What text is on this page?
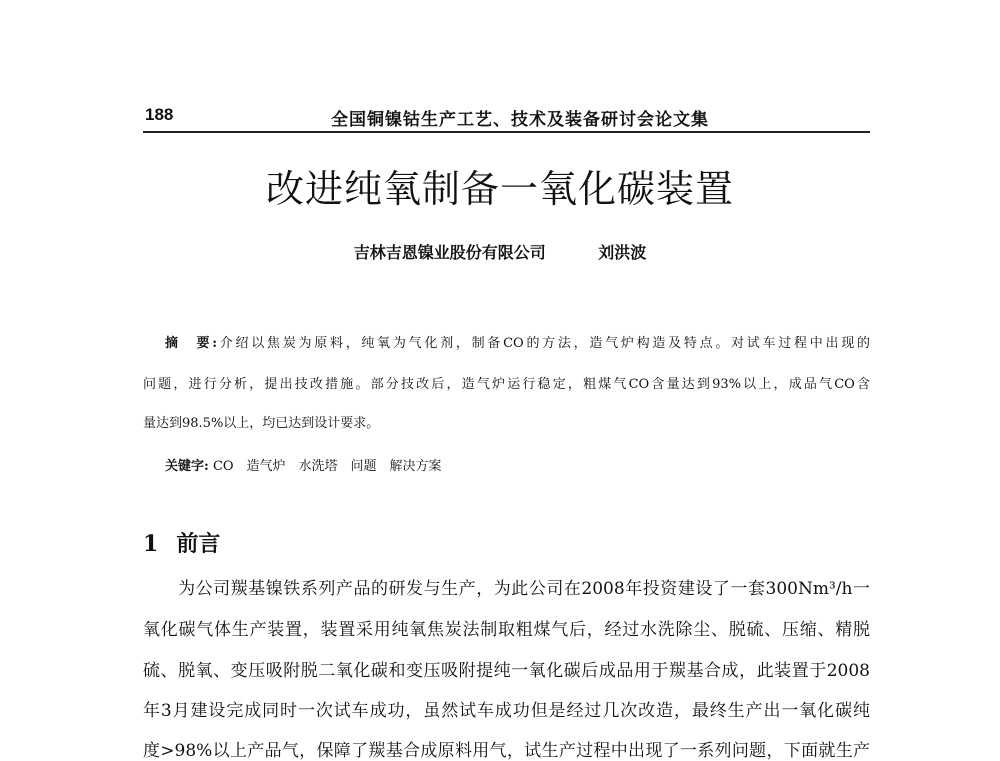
188	全国铜镍钴生产工艺、技术及装备研讨会论文集
改进纯氧制备一氧化碳装置
吉林吉恩镍业股份有限公司	刘洪波
摘　要:介绍以焦炭为原料，纯氧为气化剂，制备CO的方法，造气炉构造及特点。对试车过程中出现的
问题，进行分析，提出技改措施。部分技改后，造气炉运行稳定，粗煤气CO含量达到93%以上，成品气CO含
量达到98.5%以上，均已达到设计要求。
关键字: CO　造气炉　水洗塔　问题　解决方案
1 前言
　　为公司羰基镍铁系列产品的研发与生产，为此公司在2008年投资建设了一套300Nm³/h一
氧化碳气体生产装置，装置采用纯氧焦炭法制取粗煤气后，经过水洗除尘、脱硫、压缩、精脱
硫、脱氧、变压吸附脱二氧化碳和变压吸附提纯一氧化碳后成品用于羰基合成，此装置于2008
年3月建设完成同时一次试车成功，虽然试车成功但是经过几次改造，最终生产出一氧化碳纯
度>98%以上产品气，保障了羰基合成原料用气，试生产过程中出现了一系列问题，下面就生产
